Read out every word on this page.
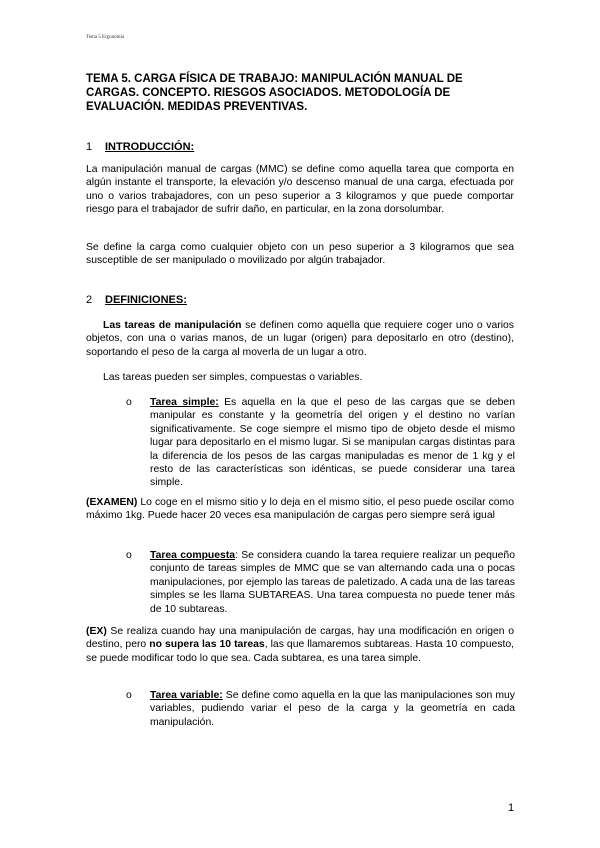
Tema 5 Ergonomía
TEMA 5. CARGA FÍSICA DE TRABAJO: MANIPULACIÓN MANUAL DE CARGAS. CONCEPTO. RIESGOS ASOCIADOS. METODOLOGÍA DE EVALUACIÓN. MEDIDAS PREVENTIVAS.
1 INTRODUCCIÓN:
La manipulación manual de cargas (MMC) se define como aquella tarea que comporta en algún instante el transporte, la elevación y/o descenso manual de una carga, efectuada por uno o varios trabajadores, con un peso superior a 3 kilogramos y que puede comportar riesgo para el trabajador de sufrir daño, en particular, en la zona dorsolumbar.
Se define la carga como cualquier objeto con un peso superior a 3 kilogramos que sea susceptible de ser manipulado o movilizado por algún trabajador.
2 DEFINICIONES:
Las tareas de manipulación se definen como aquella que requiere coger uno o varios objetos, con una o varias manos, de un lugar (origen) para depositarlo en otro (destino), soportando el peso de la carga al moverla de un lugar a otro.
Las tareas pueden ser simples, compuestas o variables.
o	Tarea simple: Es aquella en la que el peso de las cargas que se deben manipular es constante y la geometría del origen y el destino no varían significativamente. Se coge siempre el mismo tipo de objeto desde el mismo lugar para depositarlo en el mismo lugar. Si se manipulan cargas distintas para la diferencia de los pesos de las cargas manipuladas es menor de 1 kg y el resto de las características son idénticas, se puede considerar una tarea simple.
(EXAMEN) Lo coge en el mismo sitio y lo deja en el mismo sitio, el peso puede oscilar como máximo 1kg. Puede hacer 20 veces esa manipulación de cargas pero siempre será igual
o	Tarea compuesta: Se considera cuando la tarea requiere realizar un pequeño conjunto de tareas simples de MMC que se van alternando cada una o pocas manipulaciones, por ejemplo las tareas de paletizado. A cada una de las tareas simples se les llama SUBTAREAS. Una tarea compuesta no puede tener más de 10 subtareas.
(EX) Se realiza cuando hay una manipulación de cargas, hay una modificación en origen o destino, pero no supera las 10 tareas, las que llamaremos subtareas. Hasta 10 compuesto, se puede modificar todo lo que sea. Cada subtarea, es una tarea simple.
o	Tarea variable: Se define como aquella en la que las manipulaciones son muy variables, pudiendo variar el peso de la carga y la geometría en cada manipulación.
1
